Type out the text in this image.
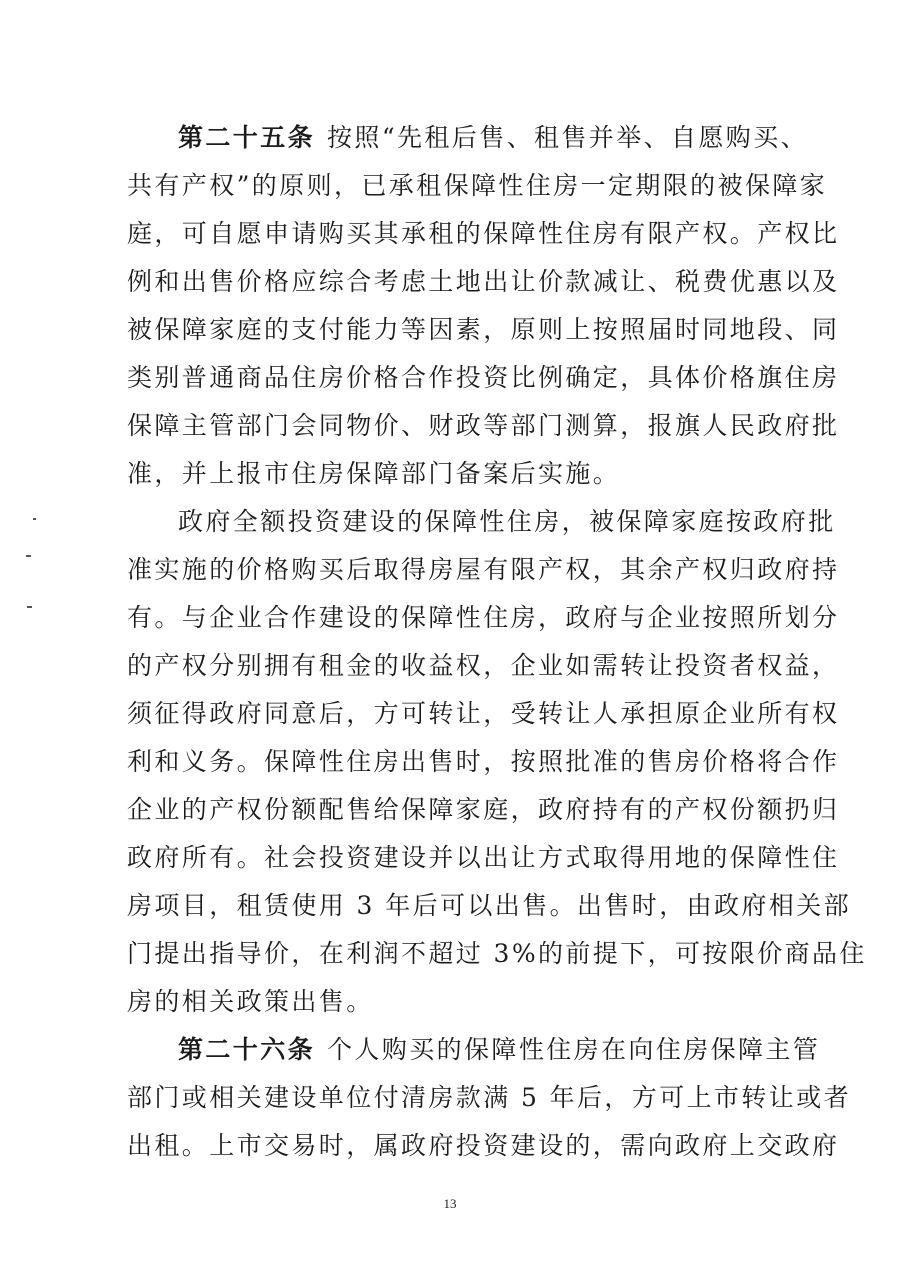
第二十五条 按照“先租后售、租售并举、自愿购买、
共有产权”的原则，已承租保障性住房一定期限的被保障家
庭，可自愿申请购买其承租的保障性住房有限产权。产权比
例和出售价格应综合考虑土地出让价款减让、税费优惠以及
被保障家庭的支付能力等因素，原则上按照届时同地段、同
类别普通商品住房价格合作投资比例确定，具体价格旗住房
保障主管部门会同物价、财政等部门测算，报旗人民政府批
准，并上报市住房保障部门备案后实施。
政府全额投资建设的保障性住房，被保障家庭按政府批
准实施的价格购买后取得房屋有限产权，其余产权归政府持
有。与企业合作建设的保障性住房，政府与企业按照所划分
的产权分别拥有租金的收益权，企业如需转让投资者权益，
须征得政府同意后，方可转让，受转让人承担原企业所有权
利和义务。保障性住房出售时，按照批准的售房价格将合作
企业的产权份额配售给保障家庭，政府持有的产权份额扔归
政府所有。社会投资建设并以出让方式取得用地的保障性住
房项目，租赁使用 3 年后可以出售。出售时，由政府相关部
门提出指导价，在利润不超过 3%的前提下，可按限价商品住
房的相关政策出售。
第二十六条 个人购买的保障性住房在向住房保障主管
部门或相关建设单位付清房款满 5 年后，方可上市转让或者
出租。上市交易时，属政府投资建设的，需向政府上交政府
13
